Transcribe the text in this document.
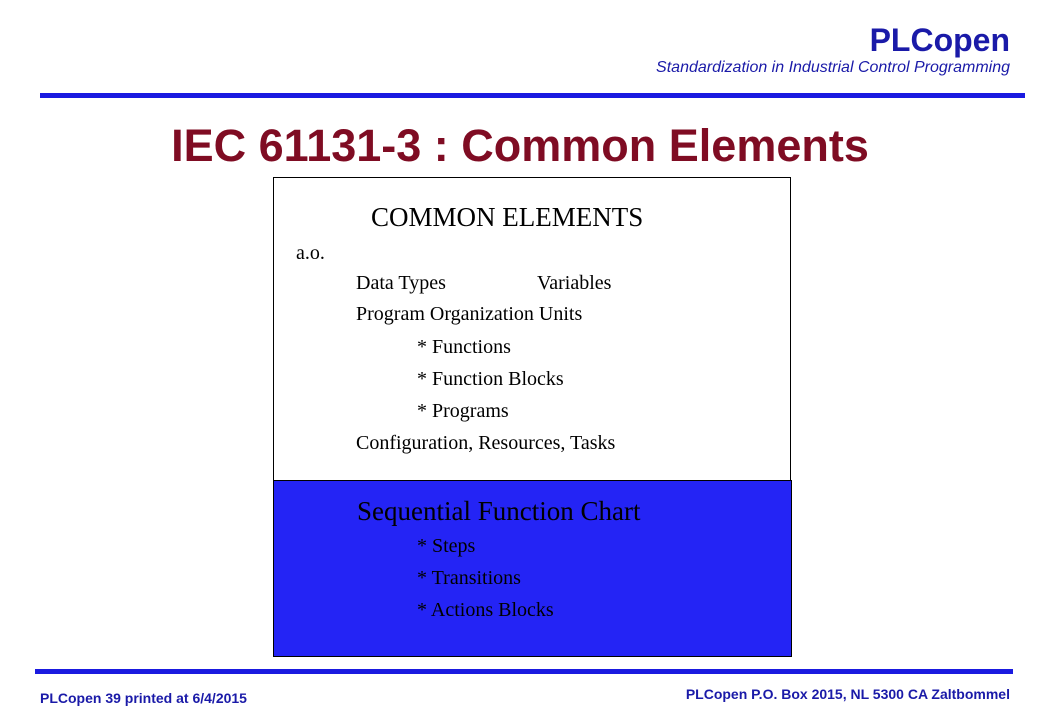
PLCopen
Standardization in Industrial Control Programming
IEC 61131-3 : Common Elements
COMMON ELEMENTS
a.o.
Data Types	Variables
Program Organization Units
* Functions
* Function Blocks
* Programs
Configuration, Resources, Tasks
Sequential Function Chart
* Steps
* Transitions
* Actions Blocks
PLCopen 39 printed at 6/4/2015	PLCopen P.O. Box 2015, NL 5300 CA Zaltbommel
